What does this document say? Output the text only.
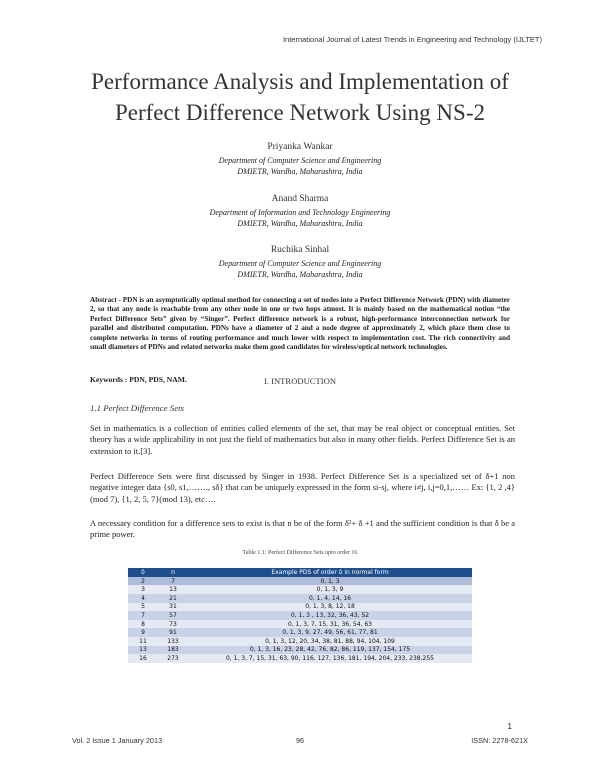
International Journal of Latest Trends in Engineering and Technology (IJLTET)
Performance Analysis and Implementation of
Perfect Difference Network Using NS-2
Priyanka Wankar
Department of Computer Science and Engineering
DMIETR, Wardha, Maharashtra, India
Anand Sharma
Department of Information and Technology Engineering
DMIETR, Wardha, Maharashtra, India
Ruchika Sinhal
Department of Computer Science and Engineering
DMIETR, Wardha, Maharashtra, India
Abstract - PDN is an asymptotically optimal method for connecting a set of nodes into a Perfect Difference Network (PDN) with diameter 2, so that any node is reachable from any other node in one or two hops atmost. It is mainly based on the mathematical notion “the Perfect Difference Sets” given by “Singer”. Perfect difference network is a robust, high-performance interconnection network for parallel and distributed computation. PDNs have a diameter of 2 and a node degree of approximately 2, which place them close to complete networks in terms of routing performance and much lower with respect to implementation cost. The rich connectivity and small diameters of PDNs and related networks make them good candidates for wireless/optical network technologies.
Keywords : PDN, PDS, NAM.	I. INTRODUCTION
1.1 Perfect Difference Sets
Set in mathematics is a collection of entities called elements of the set, that may be real object or conceptual entities. Set theory has a wide applicability in not just the field of mathematics but also in many other fields. Perfect Difference Set is an extension to it.[3].
Perfect Difference Sets were first discussed by Singer in 1938. Perfect Difference Set is a specialized set of δ+1 non negative integer data {s0, s1,……., sδ} that can be uniquely expressed in the form si-sj, where i≠j, i,j=0,1,…… Ex: {1, 2 ,4}(mod 7), {1, 2, 5, 7}(mod 13), etc….
A necessary condition for a difference sets to exist is that n be of the form δ²+ δ +1 and the sufficient condition is that δ be a prime power.
Table 1.1: Perfect Difference Sets upto order 16
δ	n	Example PDS of order δ in normal form
2	7	0, 1, 3
3	13	0, 1, 3, 9
4	21	0, 1, 4, 14, 16
5	31	0, 1, 3, 8, 12, 18
7	57	0, 1, 3 , 13, 32, 36, 43, 52
8	73	0, 1, 3, 7, 15, 31, 36, 54, 63
9	91	0, 1, 3, 9, 27, 49, 56, 61, 77, 81
11	133	0, 1, 3, 12, 20, 34, 38, 81, 88, 94, 104, 109
13	183	0, 1, 3, 16, 23, 28, 42, 76, 82, 86, 119, 137, 154, 175
16	273	0, 1, 3, 7, 15, 31, 63, 90, 116, 127, 136, 181, 194, 204, 233, 238,255
1
Vol. 2 Issue 1 January 2013	96	ISSN: 2278-621X
